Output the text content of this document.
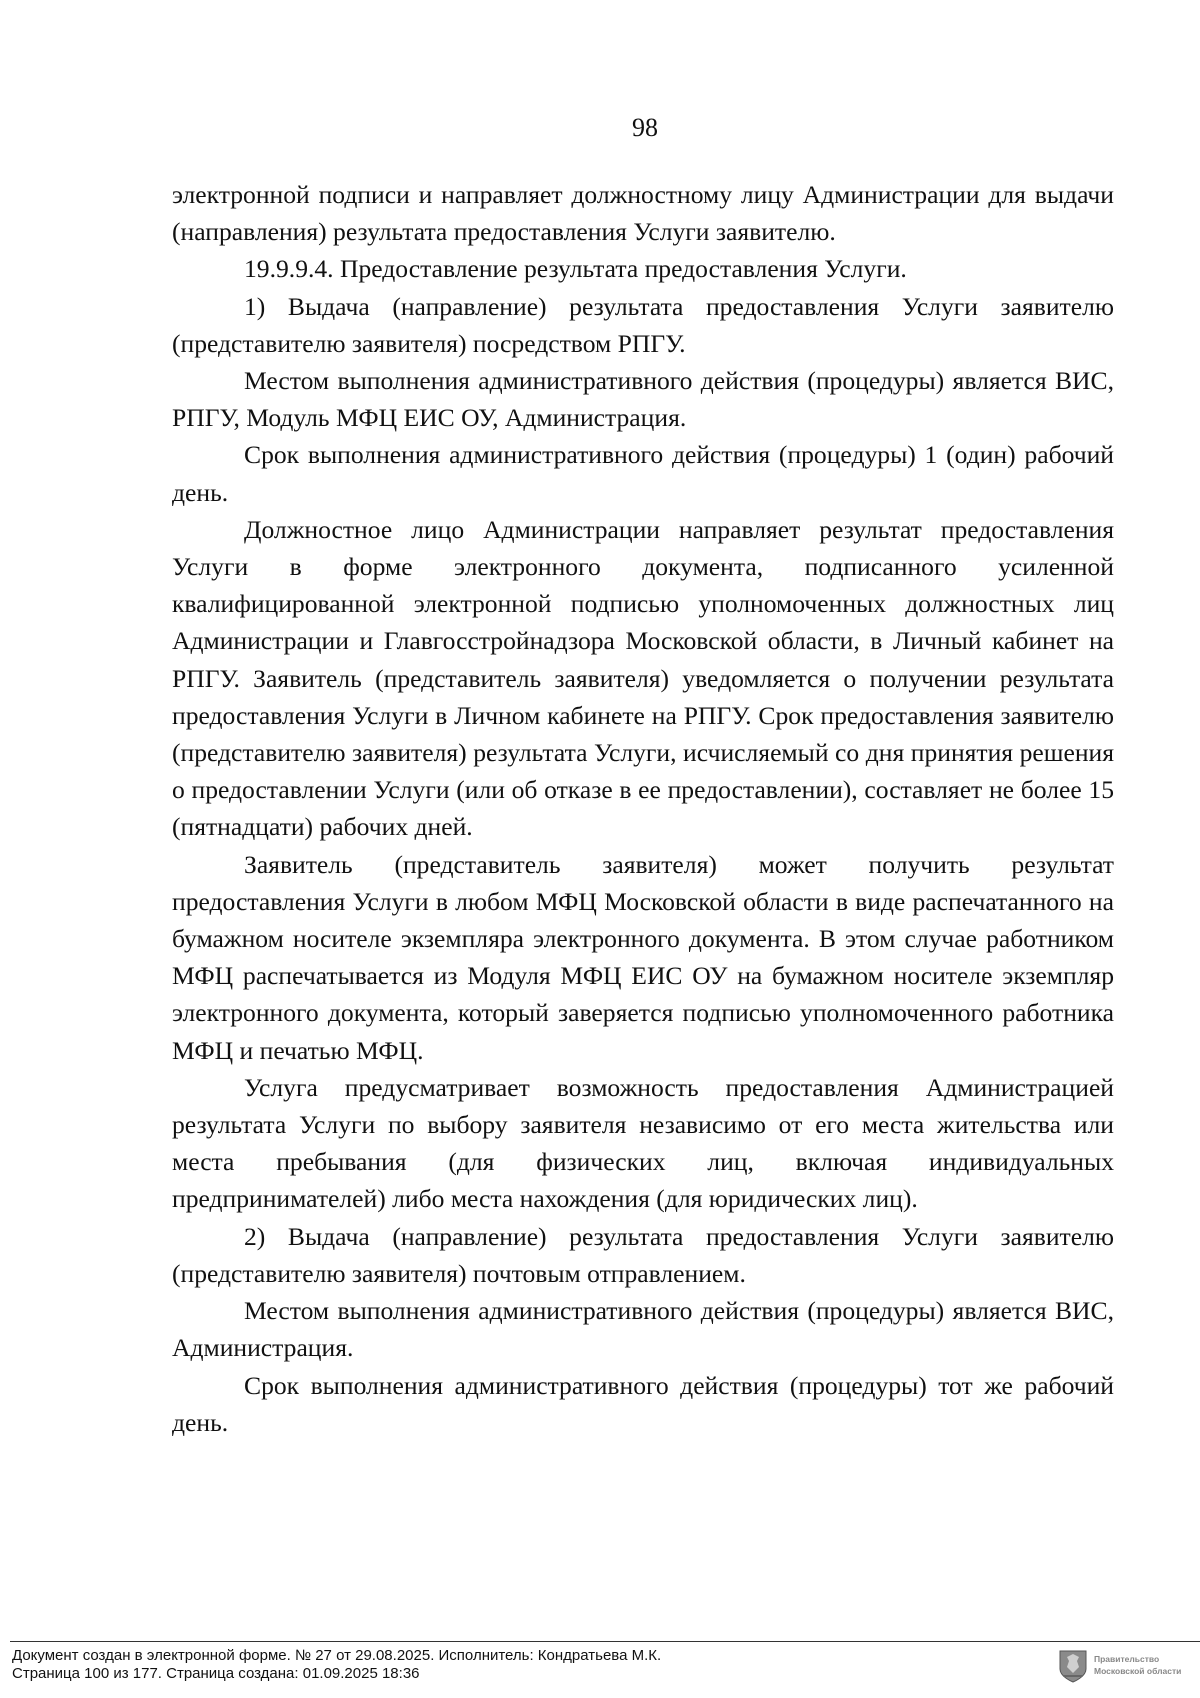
98

электронной подписи и направляет должностному лицу Администрации для выдачи (направления) результата предоставления Услуги заявителю.

19.9.9.4. Предоставление результата предоставления Услуги.

1) Выдача (направление) результата предоставления Услуги заявителю (представителю заявителя) посредством РПГУ.

Местом выполнения административного действия (процедуры) является ВИС, РПГУ, Модуль МФЦ ЕИС ОУ, Администрация.

Срок выполнения административного действия (процедуры) 1 (один) рабочий день.

Должностное лицо Администрации направляет результат предоставления Услуги в форме электронного документа, подписанного усиленной квалифицированной электронной подписью уполномоченных должностных лиц Администрации и Главгосстройнадзора Московской области, в Личный кабинет на РПГУ. Заявитель (представитель заявителя) уведомляется о получении результата предоставления Услуги в Личном кабинете на РПГУ. Срок предоставления заявителю (представителю заявителя) результата Услуги, исчисляемый со дня принятия решения о предоставлении Услуги (или об отказе в ее предоставлении), составляет не более 15 (пятнадцати) рабочих дней.

Заявитель (представитель заявителя) может получить результат предоставления Услуги в любом МФЦ Московской области в виде распечатанного на бумажном носителе экземпляра электронного документа. В этом случае работником МФЦ распечатывается из Модуля МФЦ ЕИС ОУ на бумажном носителе экземпляр электронного документа, который заверяется подписью уполномоченного работника МФЦ и печатью МФЦ.

Услуга предусматривает возможность предоставления Администрацией результата Услуги по выбору заявителя независимо от его места жительства или места пребывания (для физических лиц, включая индивидуальных предпринимателей) либо места нахождения (для юридических лиц).

2) Выдача (направление) результата предоставления Услуги заявителю (представителю заявителя) почтовым отправлением.

Местом выполнения административного действия (процедуры) является ВИС, Администрация.

Срок выполнения административного действия (процедуры) тот же рабочий день.

Документ создан в электронной форме. № 27 от 29.08.2025. Исполнитель: Кондратьева М.К.
Страница 100 из 177. Страница создана: 01.09.2025 18:36
Правительство
Московской области
